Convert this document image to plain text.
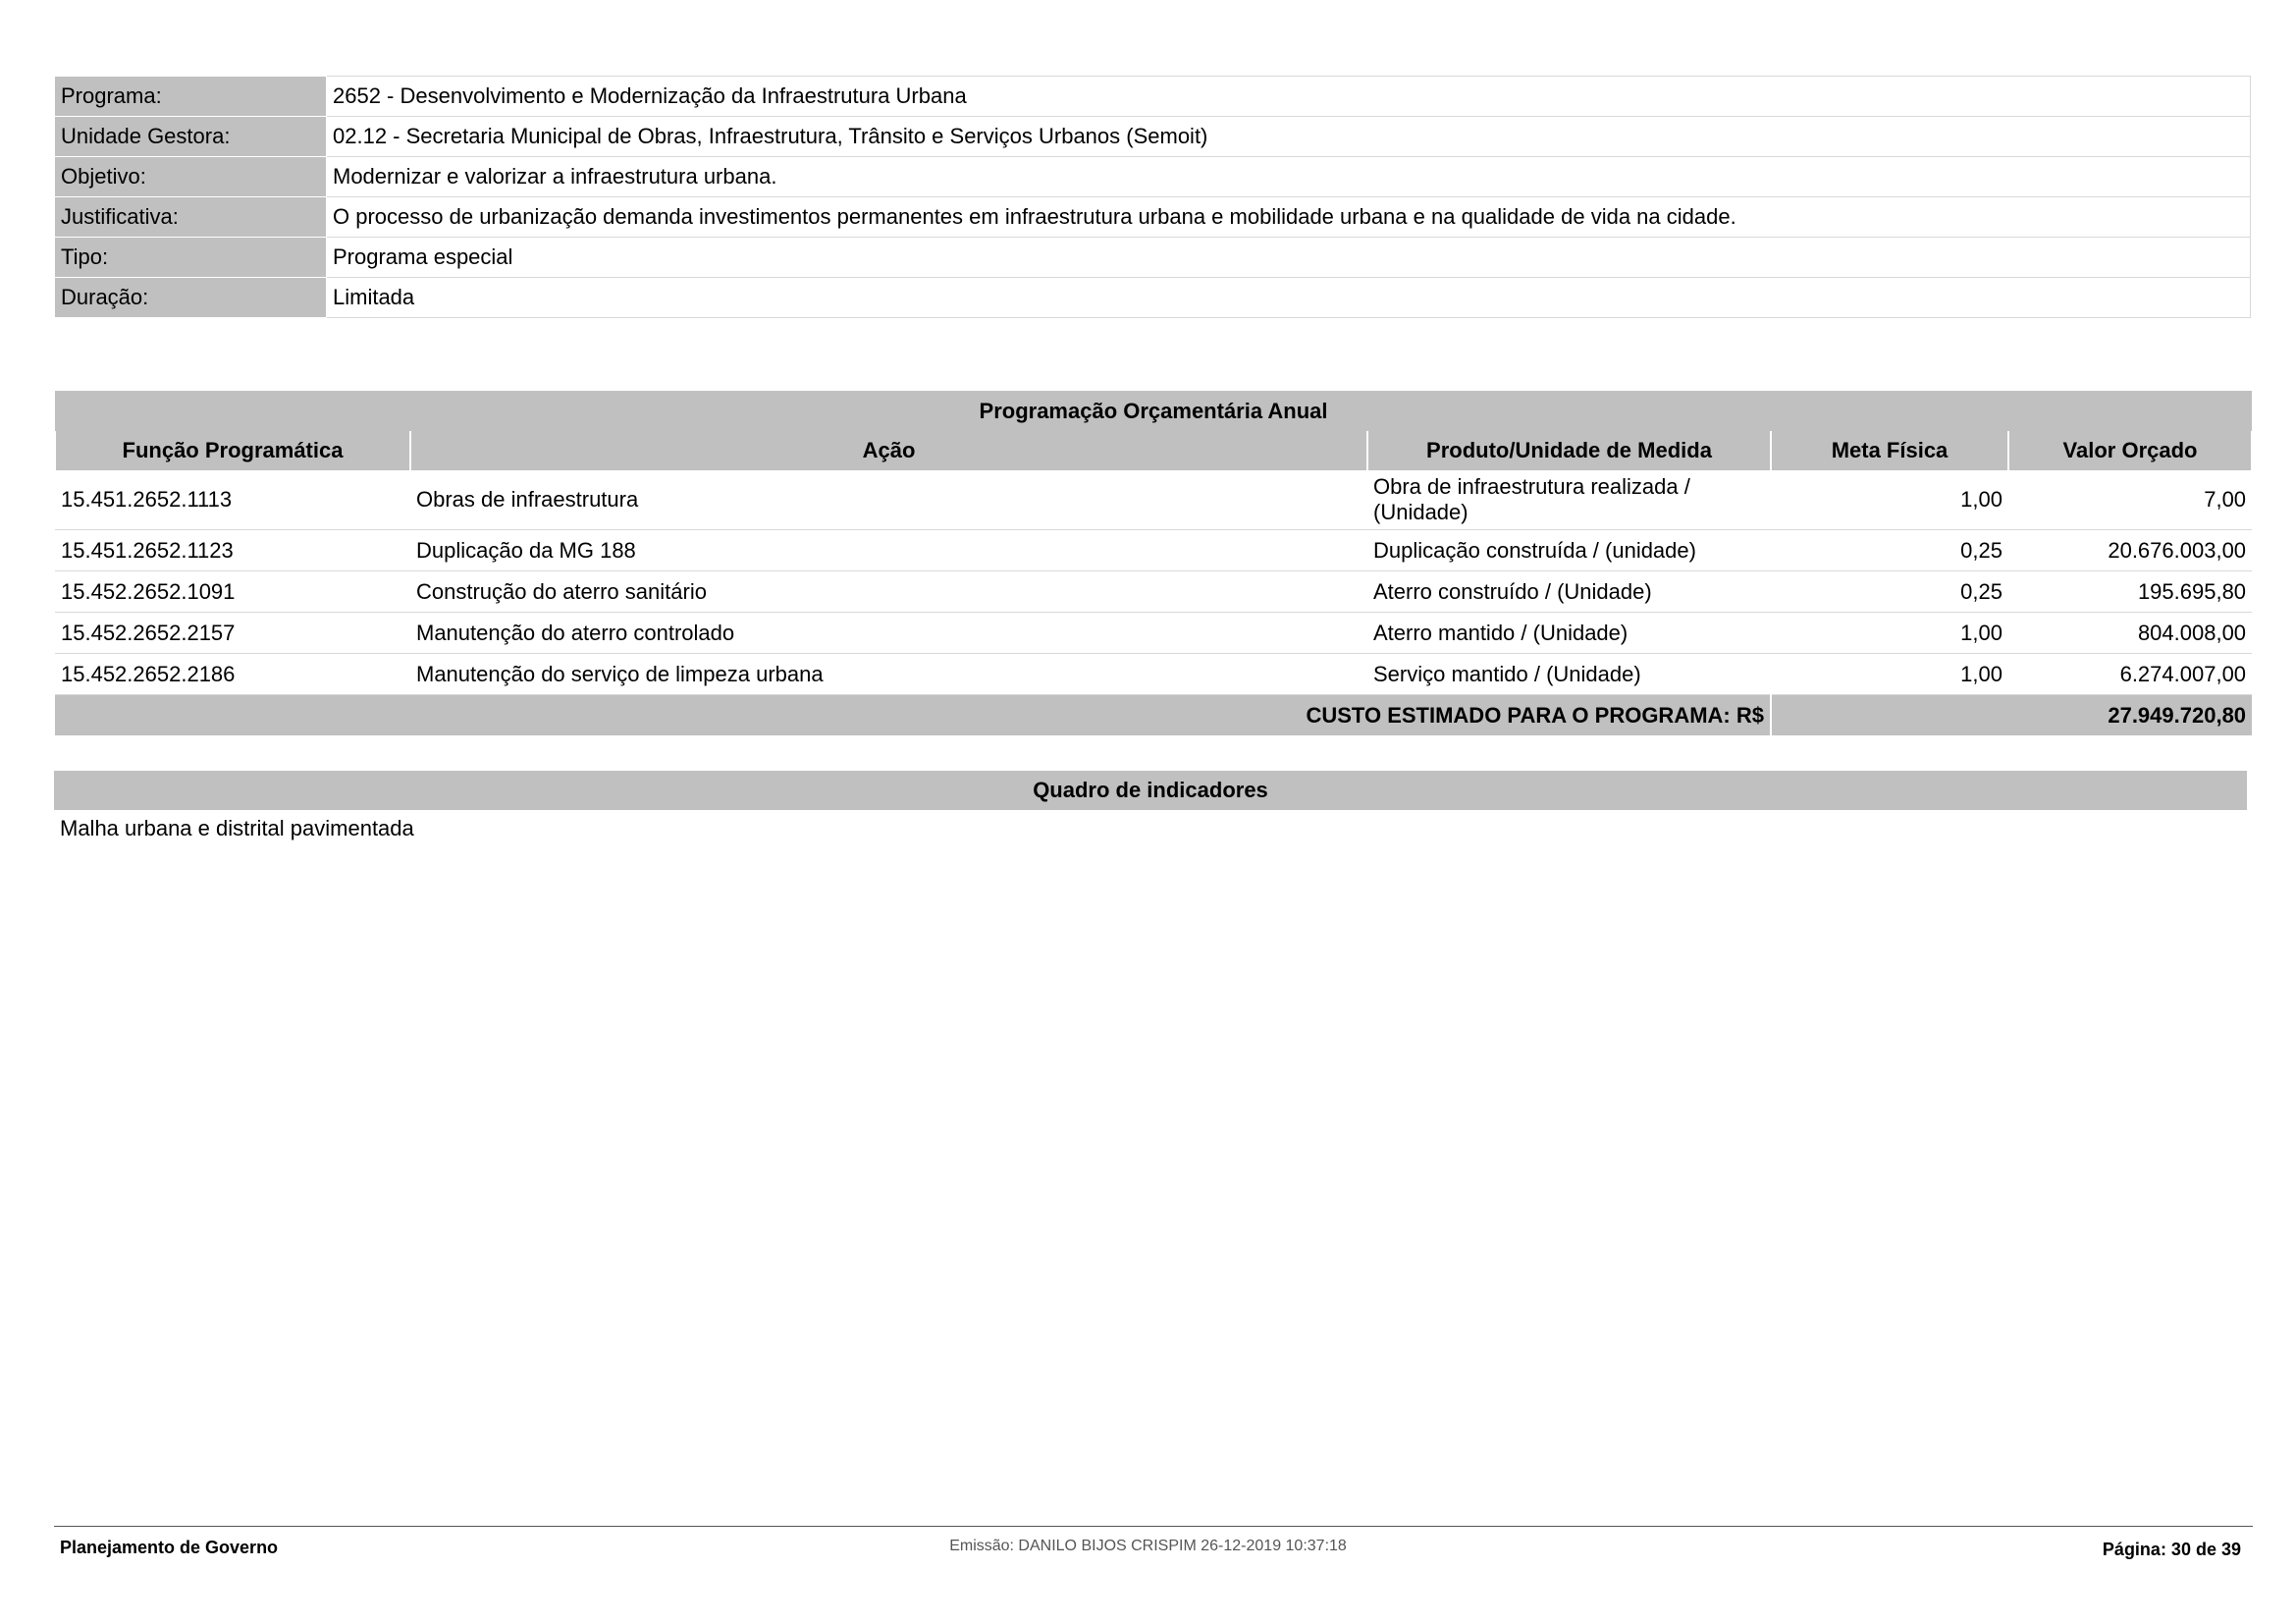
Programa:	2652 - Desenvolvimento e Modernização da Infraestrutura Urbana
Unidade Gestora:	02.12 - Secretaria Municipal de Obras, Infraestrutura, Trânsito e Serviços Urbanos (Semoit)
Objetivo:	Modernizar e valorizar a infraestrutura urbana.
Justificativa:	O processo de urbanização demanda investimentos permanentes em infraestrutura urbana e mobilidade urbana e na qualidade de vida na cidade.
Tipo:	Programa especial
Duração:	Limitada
Programação Orçamentária Anual				
Função Programática	Ação	Produto/Unidade de Medida	Meta Física	Valor Orçado
15.451.2652.1113	Obras de infraestrutura	Obra de infraestrutura realizada / (Unidade)	1,00	7,00
15.451.2652.1123	Duplicação da MG 188	Duplicação construída / (unidade)	0,25	20.676.003,00
15.452.2652.1091	Construção do aterro sanitário	Aterro construído / (Unidade)	0,25	195.695,80
15.452.2652.2157	Manutenção do aterro controlado	Aterro mantido / (Unidade)	1,00	804.008,00
15.452.2652.2186	Manutenção do serviço de limpeza urbana	Serviço mantido / (Unidade)	1,00	6.274.007,00
CUSTO ESTIMADO PARA O PROGRAMA: R$				27.949.720,80
Quadro de indicadores
Malha urbana e distrital pavimentada
Planejamento de Governo	Emissão: DANILO BIJOS CRISPIM 26-12-2019 10:37:18	Página: 30 de 39
